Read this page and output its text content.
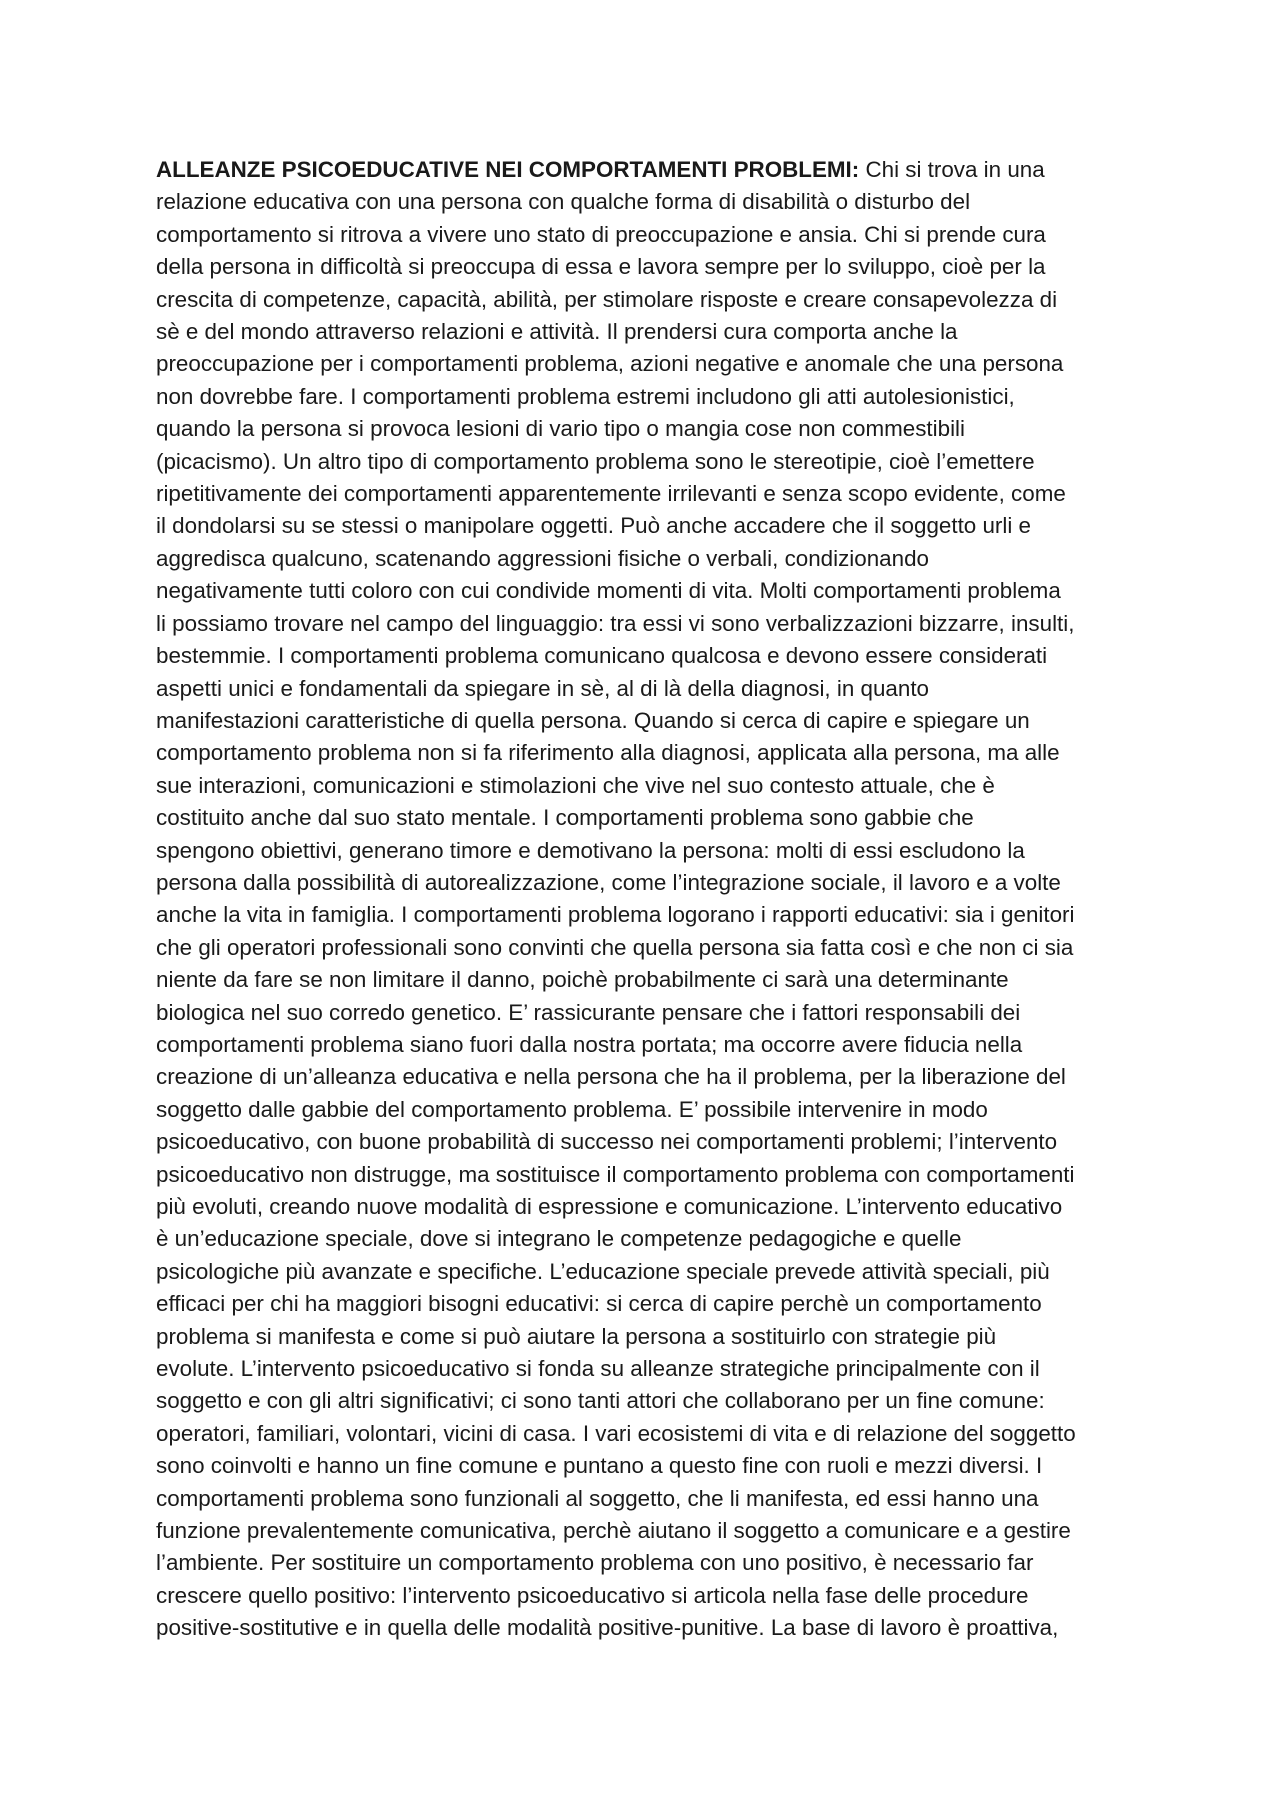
ALLEANZE PSICOEDUCATIVE NEI COMPORTAMENTI PROBLEMI: Chi si trova in una
relazione educativa con una persona con qualche forma di disabilità o disturbo del
comportamento si ritrova a vivere uno stato di preoccupazione e ansia. Chi si prende cura
della persona in difficoltà si preoccupa di essa e lavora sempre per lo sviluppo, cioè per la
crescita di competenze, capacità, abilità, per stimolare risposte e creare consapevolezza di
sè e del mondo attraverso relazioni e attività. Il prendersi cura comporta anche la
preoccupazione per i comportamenti problema, azioni negative e anomale che una persona
non dovrebbe fare. I comportamenti problema estremi includono gli atti autolesionistici,
quando la persona si provoca lesioni di vario tipo o mangia cose non commestibili
(picacismo). Un altro tipo di comportamento problema sono le stereotipie, cioè l’emettere
ripetitivamente dei comportamenti apparentemente irrilevanti e senza scopo evidente, come
il dondolarsi su se stessi o manipolare oggetti. Può anche accadere che il soggetto urli e
aggredisca qualcuno, scatenando aggressioni fisiche o verbali, condizionando
negativamente tutti coloro con cui condivide momenti di vita. Molti comportamenti problema
li possiamo trovare nel campo del linguaggio: tra essi vi sono verbalizzazioni bizzarre, insulti,
bestemmie. I comportamenti problema comunicano qualcosa e devono essere considerati
aspetti unici e fondamentali da spiegare in sè, al di là della diagnosi, in quanto
manifestazioni caratteristiche di quella persona. Quando si cerca di capire e spiegare un
comportamento problema non si fa riferimento alla diagnosi, applicata alla persona, ma alle
sue interazioni, comunicazioni e stimolazioni che vive nel suo contesto attuale, che è
costituito anche dal suo stato mentale. I comportamenti problema sono gabbie che
spengono obiettivi, generano timore e demotivano la persona: molti di essi escludono la
persona dalla possibilità di autorealizzazione, come l’integrazione sociale, il lavoro e a volte
anche la vita in famiglia. I comportamenti problema logorano i rapporti educativi: sia i genitori
che gli operatori professionali sono convinti che quella persona sia fatta così e che non ci sia
niente da fare se non limitare il danno, poichè probabilmente ci sarà una determinante
biologica nel suo corredo genetico. E’ rassicurante pensare che i fattori responsabili dei
comportamenti problema siano fuori dalla nostra portata; ma occorre avere fiducia nella
creazione di un’alleanza educativa e nella persona che ha il problema, per la liberazione del
soggetto dalle gabbie del comportamento problema. E’ possibile intervenire in modo
psicoeducativo, con buone probabilità di successo nei comportamenti problemi; l’intervento
psicoeducativo non distrugge, ma sostituisce il comportamento problema con comportamenti
più evoluti, creando nuove modalità di espressione e comunicazione. L’intervento educativo
è un’educazione speciale, dove si integrano le competenze pedagogiche e quelle
psicologiche più avanzate e specifiche. L’educazione speciale prevede attività speciali, più
efficaci per chi ha maggiori bisogni educativi: si cerca di capire perchè un comportamento
problema si manifesta e come si può aiutare la persona a sostituirlo con strategie più
evolute. L’intervento psicoeducativo si fonda su alleanze strategiche principalmente con il
soggetto e con gli altri significativi; ci sono tanti attori che collaborano per un fine comune:
operatori, familiari, volontari, vicini di casa. I vari ecosistemi di vita e di relazione del soggetto
sono coinvolti e hanno un fine comune e puntano a questo fine con ruoli e mezzi diversi. I
comportamenti problema sono funzionali al soggetto, che li manifesta, ed essi hanno una
funzione prevalentemente comunicativa, perchè aiutano il soggetto a comunicare e a gestire
l’ambiente. Per sostituire un comportamento problema con uno positivo, è necessario far
crescere quello positivo: l’intervento psicoeducativo si articola nella fase delle procedure
positive-sostitutive e in quella delle modalità positive-punitive. La base di lavoro è proattiva,
